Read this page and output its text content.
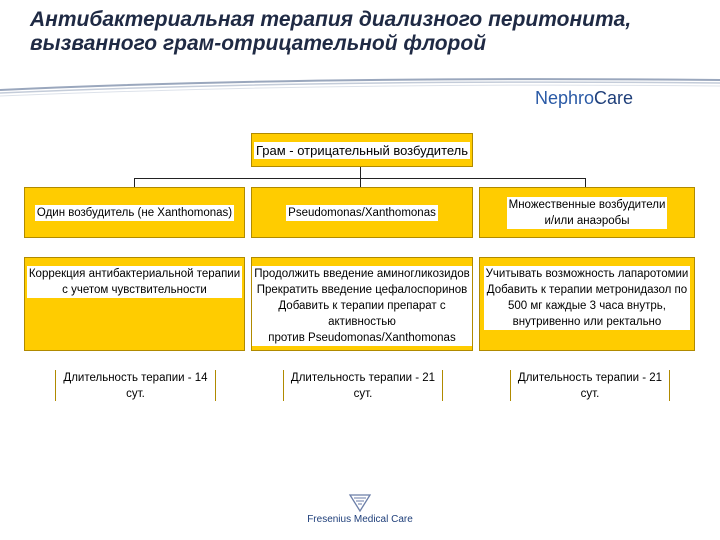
Антибактериальная терапия диализного перитонита, вызванного грам-отрицательной флорой
NephroCare
Грам - отрицательный возбудитель
Один возбудитель (не Xanthomonas)
Коррекция антибактериальной терапии
с учетом чувствительности
Длительность терапии - 14 сут.
Pseudomonas/Xanthomonas
Продолжить введение аминогликозидов
Прекратить введение цефалоспоринов
Добавить к терапии препарат с активностью
против Pseudomonas/Xanthomonas
Длительность терапии - 21 сут.
Множественные возбудители
и/или анаэробы
Учитывать возможность лапаротомии
Добавить к терапии метронидазол по
500 мг каждые 3 часа внутрь,
внутривенно или ректально
Длительность терапии - 21 сут.
Fresenius Medical Care
